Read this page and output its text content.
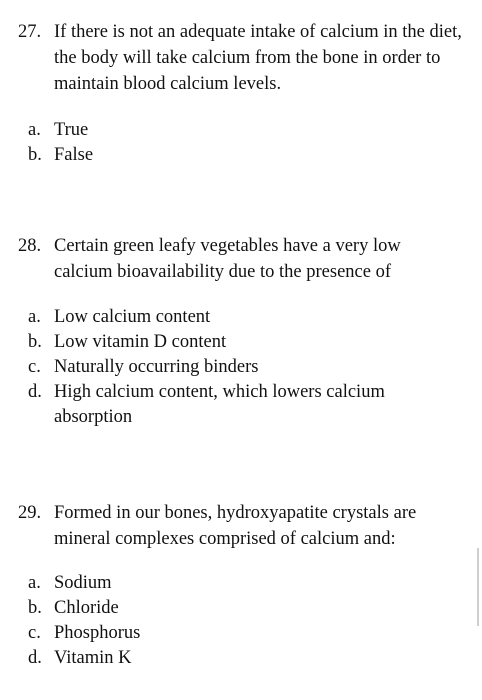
27. If there is not an adequate intake of calcium in the diet, the body will take calcium from the bone in order to maintain blood calcium levels.

a. True
b. False

28. Certain green leafy vegetables have a very low calcium bioavailability due to the presence of

a. Low calcium content
b. Low vitamin D content
c. Naturally occurring binders
d. High calcium content, which lowers calcium absorption

29. Formed in our bones, hydroxyapatite crystals are mineral complexes comprised of calcium and:

a. Sodium
b. Chloride
c. Phosphorus
d. Vitamin K
